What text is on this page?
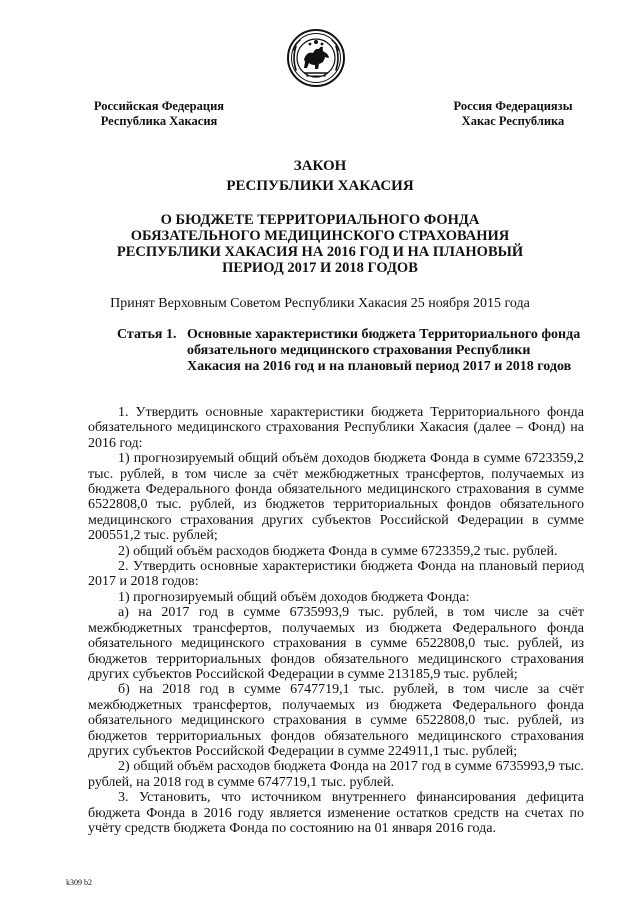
Российская Федерация
Республика Хакасия
Россия Федерациязы
Хакас Республика
ЗАКОН
РЕСПУБЛИКИ ХАКАСИЯ
О БЮДЖЕТЕ ТЕРРИТОРИАЛЬНОГО ФОНДА ОБЯЗАТЕЛЬНОГО МЕДИЦИНСКОГО СТРАХОВАНИЯ РЕСПУБЛИКИ ХАКАСИЯ НА 2016 ГОД И НА ПЛАНОВЫЙ ПЕРИОД 2017 И 2018 ГОДОВ
Принят Верховным Советом Республики Хакасия 25 ноября 2015 года
Статья 1. Основные характеристики бюджета Территориального фонда обязательного медицинского страхования Республики Хакасия на 2016 год и на плановый период 2017 и 2018 годов

1. Утвердить основные характеристики бюджета Территориального фонда обязательного медицинского страхования Республики Хакасия (далее – Фонд) на 2016 год:

1) прогнозируемый общий объём доходов бюджета Фонда в сумме 6723359,2 тыс. рублей, в том числе за счёт межбюджетных трансфертов, получаемых из бюджета Федерального фонда обязательного медицинского страхования в сумме 6522808,0 тыс. рублей, из бюджетов территориальных фондов обязательного медицинского страхования других субъектов Российской Федерации в сумме 200551,2 тыс. рублей;

2) общий объём расходов бюджета Фонда в сумме 6723359,2 тыс. рублей.

2. Утвердить основные характеристики бюджета Фонда на плановый период 2017 и 2018 годов:

1) прогнозируемый общий объём доходов бюджета Фонда:

а) на 2017 год в сумме 6735993,9 тыс. рублей, в том числе за счёт межбюджетных трансфертов, получаемых из бюджета Федерального фонда обязательного медицинского страхования в сумме 6522808,0 тыс. рублей, из бюджетов территориальных фондов обязательного медицинского страхования других субъектов Российской Федерации в сумме 213185,9 тыс. рублей;

б) на 2018 год в сумме 6747719,1 тыс. рублей, в том числе за счёт межбюджетных трансфертов, получаемых из бюджета Федерального фонда обязательного медицинского страхования в сумме 6522808,0 тыс. рублей, из бюджетов территориальных фондов обязательного медицинского страхования других субъектов Российской Федерации в сумме 224911,1 тыс. рублей;

2) общий объём расходов бюджета Фонда на 2017 год в сумме 6735993,9 тыс. рублей, на 2018 год в сумме 6747719,1 тыс. рублей.

3. Установить, что источником внутреннего финансирования дефицита бюджета Фонда в 2016 году является изменение остатков средств на счетах по учёту средств бюджета Фонда по состоянию на 01 января 2016 года.

k309 b2
